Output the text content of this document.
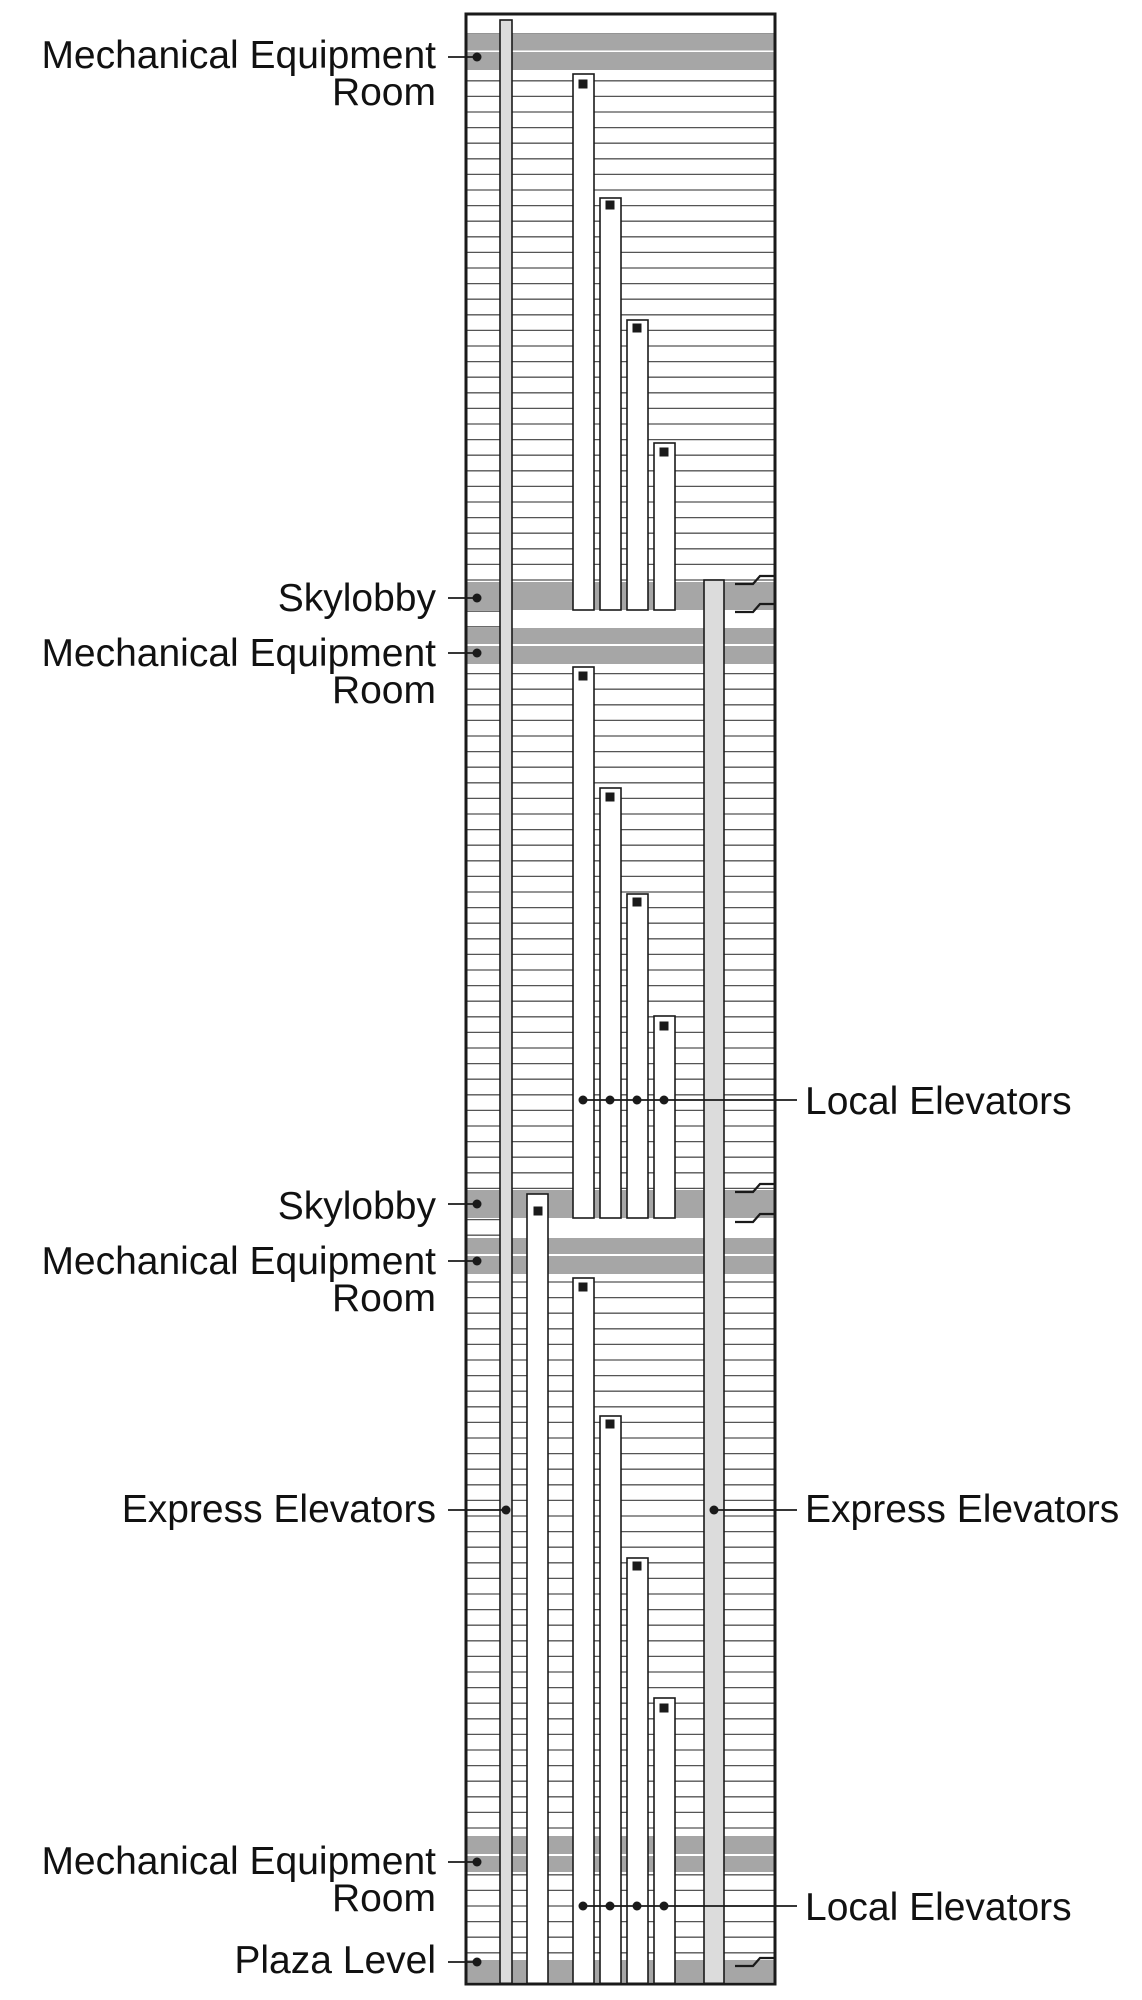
Mechanical Equipment
Room
Skylobby
Mechanical Equipment
Room
Local Elevators
Skylobby
Mechanical Equipment
Room
Express Elevators	Express Elevators
Mechanical Equipment
Room	Local Elevators
Plaza Level
